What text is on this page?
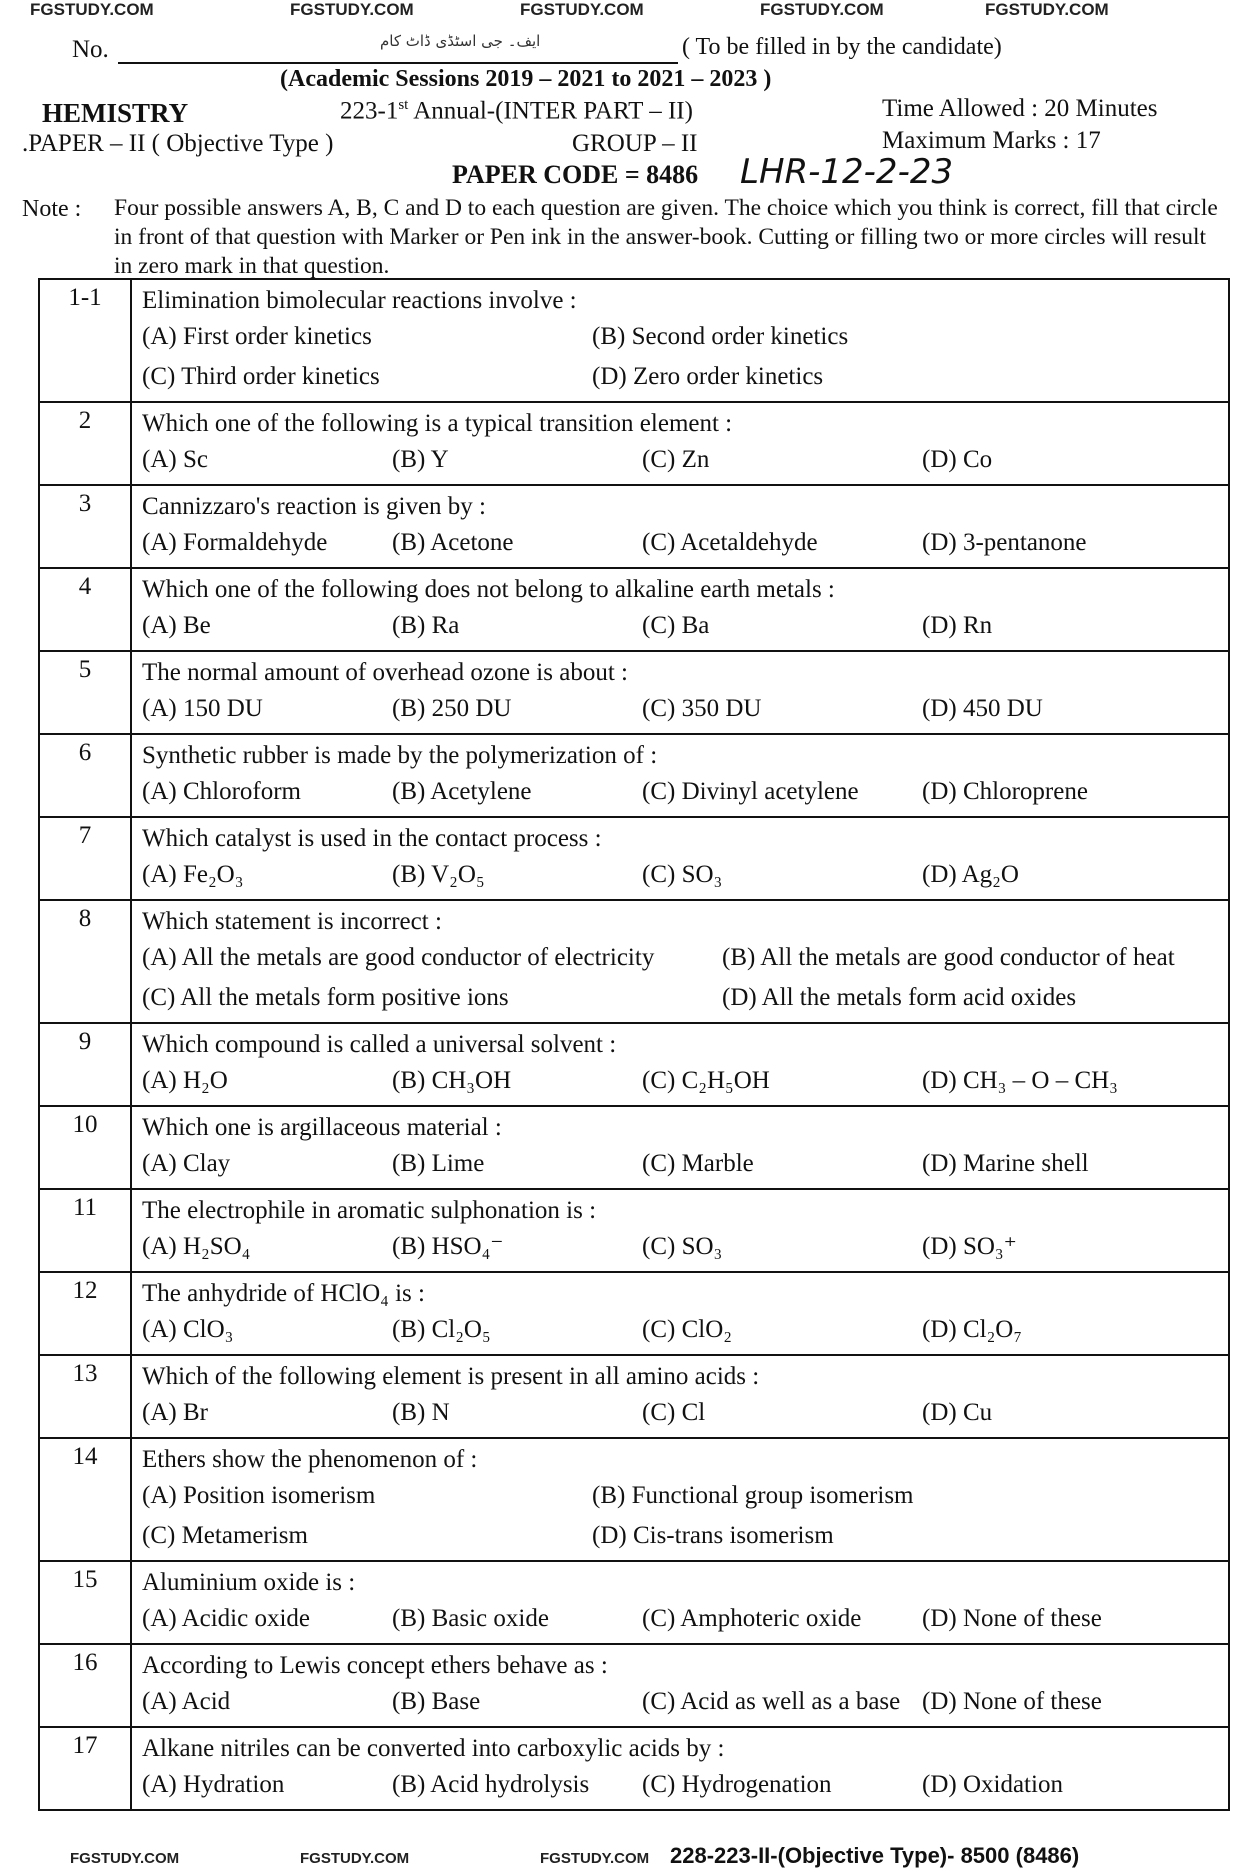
FGSTUDY.COM	FGSTUDY.COM	FGSTUDY.COM	FGSTUDY.COM	FGSTUDY.COM
No.	ایف۔ جی اسٹڈی ڈاٹ کام	( To be filled in by the candidate)
(Academic Sessions 2019 – 2021 to 2021 – 2023 )
HEMISTRY	223-1st Annual-(INTER PART – II)	Time Allowed : 20 Minutes
.PAPER – II ( Objective Type )	GROUP – II	Maximum Marks : 17
PAPER CODE = 8486 LHR-12-2-23
Note : Four possible answers A, B, C and D to each question are given. The choice which you think is correct, fill that circle in front of that question with Marker or Pen ink in the answer-book. Cutting or filling two or more circles will result in zero mark in that question.
1-1	Elimination bimolecular reactions involve :
(A) First order kinetics (B) Second order kinetics
(C) Third order kinetics (D) Zero order kinetics

2	Which one of the following is a typical transition element :
(A) Sc (B) Y (C) Zn (D) Co

3	Cannizzaro's reaction is given by :
(A) Formaldehyde (B) Acetone (C) Acetaldehyde (D) 3-pentanone

4	Which one of the following does not belong to alkaline earth metals :
(A) Be (B) Ra (C) Ba (D) Rn

5	The normal amount of overhead ozone is about :
(A) 150 DU (B) 250 DU (C) 350 DU (D) 450 DU

6	Synthetic rubber is made by the polymerization of :
(A) Chloroform (B) Acetylene (C) Divinyl acetylene (D) Chloroprene

7	Which catalyst is used in the contact process :
(A) Fe₂O₃ (B) V₂O₅ (C) SO₃ (D) Ag₂O

8	Which statement is incorrect :
(A) All the metals are good conductor of electricity (B) All the metals are good conductor of heat
(C) All the metals form positive ions (D) All the metals form acid oxides

9	Which compound is called a universal solvent :
(A) H₂O (B) CH₃OH (C) C₂H₅OH (D) CH₃ – O – CH₃

10	Which one is argillaceous material :
(A) Clay (B) Lime (C) Marble (D) Marine shell

11	The electrophile in aromatic sulphonation is :
(A) H₂SO₄ (B) HSO₄⁻ (C) SO₃ (D) SO₃⁺

12	The anhydride of HClO₄ is :
(A) ClO₃ (B) Cl₂O₅ (C) ClO₂ (D) Cl₂O₇

13	Which of the following element is present in all amino acids :
(A) Br (B) N (C) Cl (D) Cu

14	Ethers show the phenomenon of :
(A) Position isomerism (B) Functional group isomerism
(C) Metamerism (D) Cis-trans isomerism

15	Aluminium oxide is :
(A) Acidic oxide (B) Basic oxide (C) Amphoteric oxide (D) None of these

16	According to Lewis concept ethers behave as :
(A) Acid (B) Base (C) Acid as well as a base (D) None of these

17	Alkane nitriles can be converted into carboxylic acids by :
(A) Hydration (B) Acid hydrolysis (C) Hydrogenation (D) Oxidation
FGSTUDY.COM	FGSTUDY.COM	FGSTUDY.COM 228-223-II-(Objective Type)- 8500 (8486)
